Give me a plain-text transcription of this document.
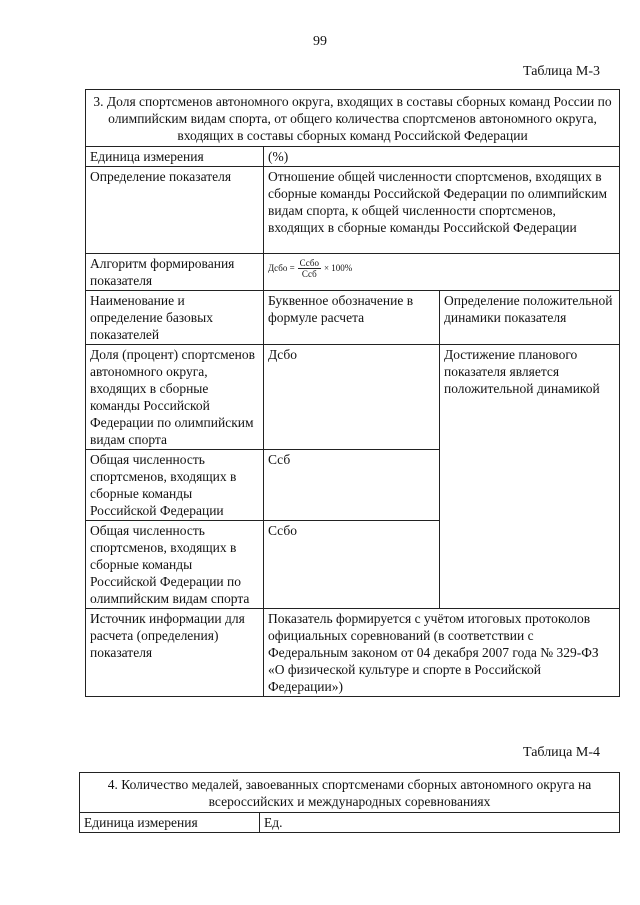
99
Таблица М-3
3. Доля спортсменов автономного округа, входящих в составы сборных команд России по олимпийским видам спорта, от общего количества спортсменов автономного округа, входящих в составы сборных команд Российской Федерации		
Единица измерения	(%)	
Определение показателя	Отношение общей численности спортсменов, входящих в сборные команды Российской Федерации по олимпийским видам спорта, к общей численности спортсменов, входящих в сборные команды Российской Федерации	
Алгоритм формирования показателя	Дсбо = $\frac{\text{Ссбо}}{\text{Ссб}} \times 100\%$	

Наименование и определение базовых показателей	Буквенное обозначение в формуле расчета	Определение положительной динамики показателя
Доля (процент) спортсменов автономного округа, входящих в сборные команды Российской Федерации по олимпийским видам спорта	Дсбо	Достижение планового показателя является положительной динамикой
Общая численность спортсменов, входящих в сборные команды Российской Федерации	Ссб	
Общая численность спортсменов, входящих в сборные команды Российской Федерации по олимпийским видам спорта	Ссбо	
Источник информации для расчета (определения) показателя	Показатель формируется с учётом итоговых протоколов официальных соревнований (в соответствии с Федеральным законом от 04 декабря 2007 года № 329-ФЗ «О физической культуре и спорте в Российской Федерации»)	
Таблица М-4
4. Количество медалей, завоеванных спортсменами сборных автономного округа на всероссийских и международных соревнованиях
Единица измерения	Ед.
